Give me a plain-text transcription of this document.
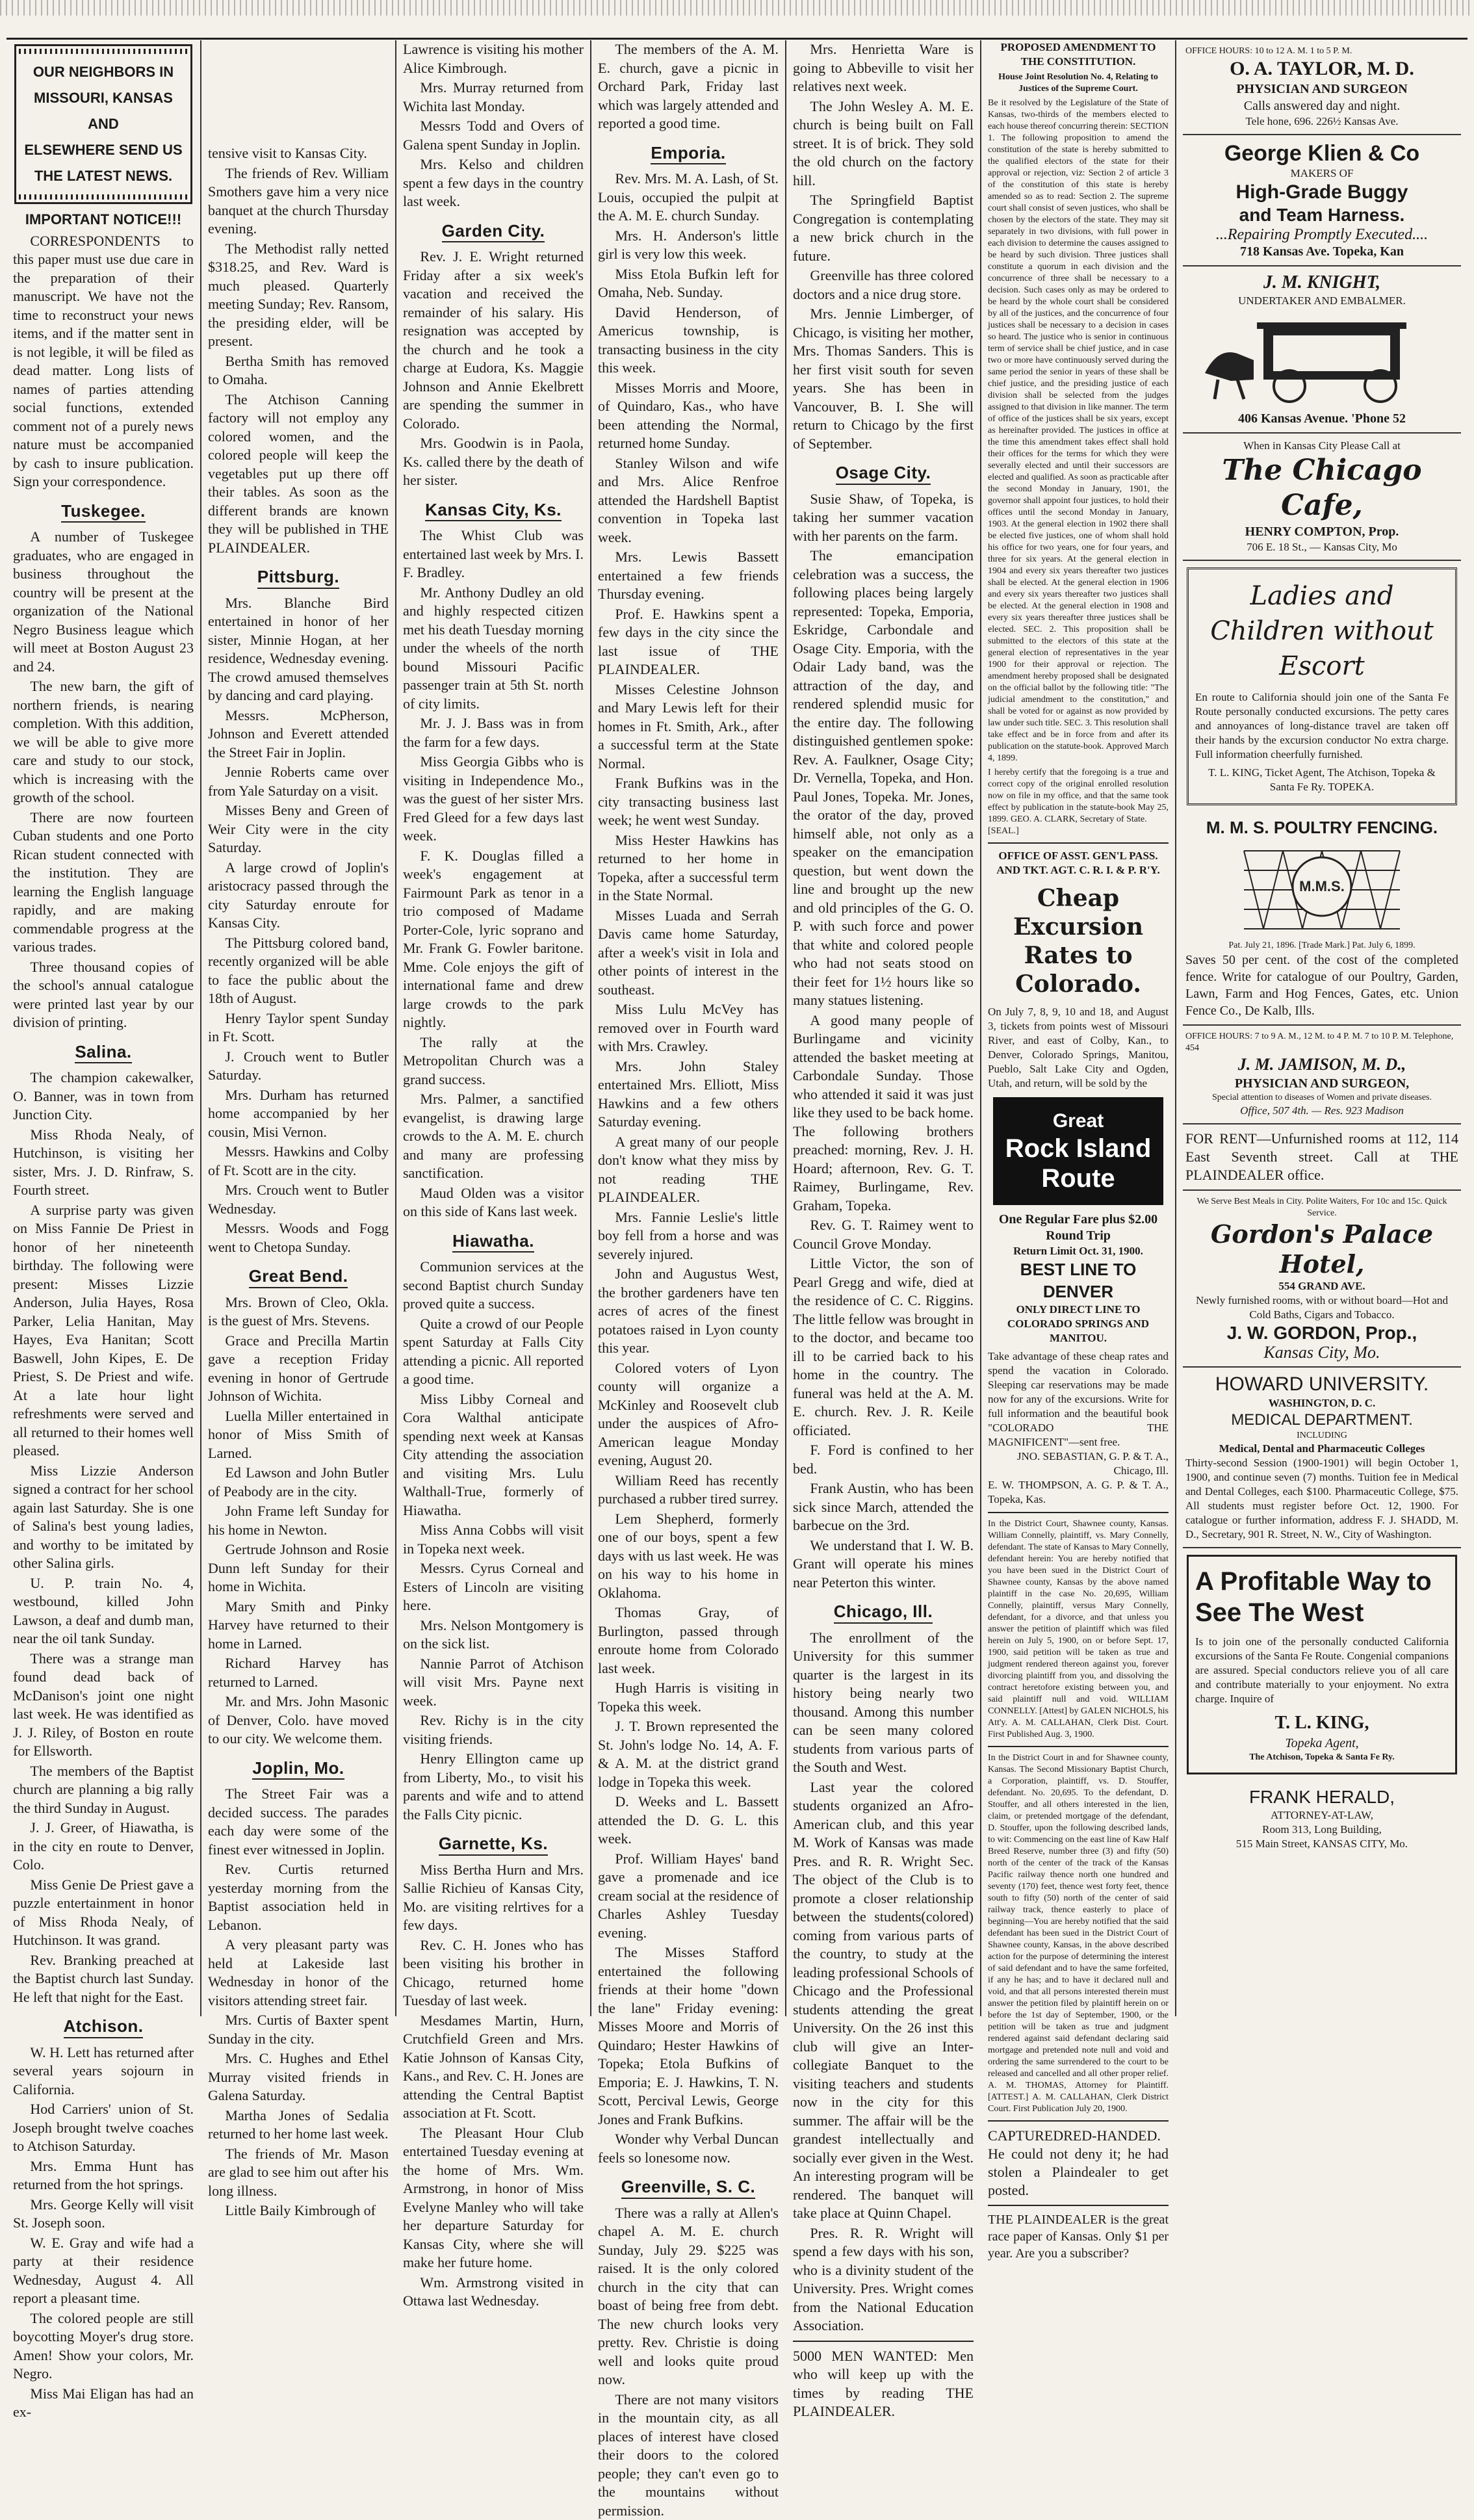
OUR NEIGHBORS IN MISSOURI, KANSAS AND
ELSEWHERE SEND US THE LATEST NEWS.
IMPORTANT NOTICE!!!

CORRESPONDENTS to this paper must use due care in the preparation of their manuscript. We have not the time to reconstruct your news items, and if the matter sent in is not legible, it will be filed as dead matter. Long lists of names of parties attending social functions, extended comment not of a purely news nature must be accompanied by cash to insure publication. Sign your correspondence.

Tuskegee.

A number of Tuskegee graduates, who are engaged in business throughout the country will be present at the organization of the National Negro Business league which will meet at Boston August 23 and 24.

The new barn, the gift of northern friends, is nearing completion. With this addition, we will be able to give more care and study to our stock, which is increasing with the growth of the school.

There are now fourteen Cuban students and one Porto Rican student connected with the institution. They are learning the English language rapidly, and are making commendable progress at the various trades.

Three thousand copies of the school's annual catalogue were printed last year by our division of printing.

Salina.

The champion cakewalker, O. Banner, was in town from Junction City.

Miss Rhoda Nealy, of Hutchinson, is visiting her sister, Mrs. J. D. Rinfraw, S. Fourth street.

A surprise party was given on Miss Fannie De Priest in honor of her nineteenth birthday. The following were present: Misses Lizzie Anderson, Julia Hayes, Rosa Parker, Lelia Hanitan, May Hayes, Eva Hanitan; Scott Baswell, John Kipes, E. De Priest, S. De Priest and wife. At a late hour light refreshments were served and all returned to their homes well pleased.

Miss Lizzie Anderson signed a contract for her school again last Saturday. She is one of Salina's best young ladies, and worthy to be imitated by other Salina girls.

U. P. train No. 4, westbound, killed John Lawson, a deaf and dumb man, near the oil tank Sunday.

There was a strange man found dead back of McDanison's joint one night last week. He was identified as J. J. Riley, of Boston en route for Ellsworth.

The members of the Baptist church are planning a big rally the third Sunday in August.

J. J. Greer, of Hiawatha, is in the city en route to Denver, Colo.

Miss Genie De Priest gave a puzzle entertainment in honor of Miss Rhoda Nealy, of Hutchinson. It was grand.

Rev. Branking preached at the Baptist church last Sunday. He left that night for the East.

Atchison.

W. H. Lett has returned after several years sojourn in California.

Hod Carriers' union of St. Joseph brought twelve coaches to Atchison Saturday.

Mrs. Emma Hunt has returned from the hot springs.

Mrs. George Kelly will visit St. Joseph soon.

W. E. Gray and wife had a party at their residence Wednesday, August 4. All report a pleasant time.

The colored people are still boycotting Moyer's drug store. Amen! Show your colors, Mr. Negro.

Miss Mai Eligan has had an ex-

tensive visit to Kansas City.

The friends of Rev. William Smothers gave him a very nice banquet at the church Thursday evening.

The Methodist rally netted $318.25, and Rev. Ward is much pleased. Quarterly meeting Sunday; Rev. Ransom, the presiding elder, will be present.

Bertha Smith has removed to Omaha.

The Atchison Canning factory will not employ any colored women, and the colored people will keep the vegetables put up there off their tables. As soon as the different brands are known they will be published in THE PLAINDEALER.

Pittsburg.

Mrs. Blanche Bird entertained in honor of her sister, Minnie Hogan, at her residence, Wednesday evening. The crowd amused themselves by dancing and card playing.

Messrs. McPherson, Johnson and Everett attended the Street Fair in Joplin.

Jennie Roberts came over from Yale Saturday on a visit.

Misses Beny and Green of Weir City were in the city Saturday.

A large crowd of Joplin's aristocracy passed through the city Saturday enroute for Kansas City.

The Pittsburg colored band, recently organized will be able to face the public about the 18th of August.

Henry Taylor spent Sunday in Ft. Scott.

J. Crouch went to Butler Saturday.

Mrs. Durham has returned home accompanied by her cousin, Misi Vernon.

Messrs. Hawkins and Colby of Ft. Scott are in the city.

Mrs. Crouch went to Butler Wednesday.

Messrs. Woods and Fogg went to Chetopa Sunday.

Great Bend.

Mrs. Brown of Cleo, Okla. is the guest of Mrs. Stevens.

Grace and Precilla Martin gave a reception Friday evening in honor of Gertrude Johnson of Wichita.

Luella Miller entertained in honor of Miss Smith of Larned.

Ed Lawson and John Butler of Peabody are in the city.

John Frame left Sunday for his home in Newton.

Gertrude Johnson and Rosie Dunn left Sunday for their home in Wichita.

Mary Smith and Pinky Harvey have returned to their home in Larned.

Richard Harvey has returned to Larned.

Mr. and Mrs. John Masonic of Denver, Colo. have moved to our city. We welcome them.

Joplin, Mo.

The Street Fair was a decided success. The parades each day were some of the finest ever witnessed in Joplin.

Rev. Curtis returned yesterday morning from the Baptist association held in Lebanon.

A very pleasant party was held at Lakeside last Wednesday in honor of the visitors attending street fair.

Mrs. Curtis of Baxter spent Sunday in the city.

Mrs. C. Hughes and Ethel Murray visited friends in Galena Saturday.

Martha Jones of Sedalia returned to her home last week.

The friends of Mr. Mason are glad to see him out after his long illness.

Little Baily Kimbrough of

Lawrence is visiting his mother Alice Kimbrough.

Mrs. Murray returned from Wichita last Monday.

Messrs Todd and Overs of Galena spent Sunday in Joplin.

Mrs. Kelso and children spent a few days in the country last week.

Garden City.

Rev. J. E. Wright returned Friday after a six week's vacation and received the remainder of his salary. His resignation was accepted by the church and he took a charge at Eudora, Ks. Maggie Johnson and Annie Ekelbrett are spending the summer in Colorado.

Mrs. Goodwin is in Paola, Ks. called there by the death of her sister.

Kansas City, Ks.

The Whist Club was entertained last week by Mrs. I. F. Bradley.

Mr. Anthony Dudley an old and highly respected citizen met his death Tuesday morning under the wheels of the north bound Missouri Pacific passenger train at 5th St. north of city limits.

Mr. J. J. Bass was in from the farm for a few days.

Miss Georgia Gibbs who is visiting in Independence Mo., was the guest of her sister Mrs. Fred Gleed for a few days last week.

F. K. Douglas filled a week's engagement at Fairmount Park as tenor in a trio composed of Madame Porter-Cole, lyric soprano and Mr. Frank G. Fowler baritone. Mme. Cole enjoys the gift of international fame and drew large crowds to the park nightly.

The rally at the Metropolitan Church was a grand success.

Mrs. Palmer, a sanctified evangelist, is drawing large crowds to the A. M. E. church and many are professing sanctification.

Maud Olden was a visitor on this side of Kans last week.

Hiawatha.

Communion services at the second Baptist church Sunday proved quite a success.

Quite a crowd of our People spent Saturday at Falls City attending a picnic. All reported a good time.

Miss Libby Corneal and Cora Walthal anticipate spending next week at Kansas City attending the association and visiting Mrs. Lulu Walthall-True, formerly of Hiawatha.

Miss Anna Cobbs will visit in Topeka next week.

Messrs. Cyrus Corneal and Esters of Lincoln are visiting here.

Mrs. Nelson Montgomery is on the sick list.

Nannie Parrot of Atchison will visit Mrs. Payne next week.

Rev. Richy is in the city visiting friends.

Henry Ellington came up from Liberty, Mo., to visit his parents and wife and to attend the Falls City picnic.

Garnette, Ks.

Miss Bertha Hurn and Mrs. Sallie Richieu of Kansas City, Mo. are visiting relrtives for a few days.

Rev. C. H. Jones who has been visiting his brother in Chicago, returned home Tuesday of last week.

Mesdames Martin, Hurn, Crutchfield Green and Mrs. Katie Johnson of Kansas City, Kans., and Rev. C. H. Jones are attending the Central Baptist association at Ft. Scott.

The Pleasant Hour Club entertained Tuesday evening at the home of Mrs. Wm. Armstrong, in honor of Miss Evelyne Manley who will take her departure Saturday for Kansas City, where she will make her future home.

Wm. Armstrong visited in Ottawa last Wednesday.

The members of the A. M. E. church, gave a picnic in Orchard Park, Friday last which was largely attended and reported a good time.

Emporia.

Rev. Mrs. M. A. Lash, of St. Louis, occupied the pulpit at the A. M. E. church Sunday.

Mrs. H. Anderson's little girl is very low this week.

Miss Etola Bufkin left for Omaha, Neb. Sunday.

David Henderson, of Americus township, is transacting business in the city this week.

Misses Morris and Moore, of Quindaro, Kas., who have been attending the Normal, returned home Sunday.

Stanley Wilson and wife and Mrs. Alice Renfroe attended the Hardshell Baptist convention in Topeka last week.

Mrs. Lewis Bassett entertained a few friends Thursday evening.

Prof. E. Hawkins spent a few days in the city since the last issue of THE PLAINDEALER.

Misses Celestine Johnson and Mary Lewis left for their homes in Ft. Smith, Ark., after a successful term at the State Normal.

Frank Bufkins was in the city transacting business last week; he went west Sunday.

Miss Hester Hawkins has returned to her home in Topeka, after a successful term in the State Normal.

Misses Luada and Serrah Davis came home Saturday, after a week's visit in Iola and other points of interest in the southeast.

Miss Lulu McVey has removed over in Fourth ward with Mrs. Crawley.

Mrs. John Staley entertained Mrs. Elliott, Miss Hawkins and a few others Saturday evening.

A great many of our people don't know what they miss by not reading THE PLAINDEALER.

Mrs. Fannie Leslie's little boy fell from a horse and was severely injured.

John and Augustus West, the brother gardeners have ten acres of acres of the finest potatoes raised in Lyon county this year.

Colored voters of Lyon county will organize a McKinley and Roosevelt club under the auspices of Afro-American league Monday evening, August 20.

William Reed has recently purchased a rubber tired surrey.

Lem Shepherd, formerly one of our boys, spent a few days with us last week. He was on his way to his home in Oklahoma.

Thomas Gray, of Burlington, passed through enroute home from Colorado last week.

Hugh Harris is visiting in Topeka this week.

J. T. Brown represented the St. John's lodge No. 14, A. F. & A. M. at the district grand lodge in Topeka this week.

D. Weeks and L. Bassett attended the D. G. L. this week.

Prof. William Hayes' band gave a promenade and ice cream social at the residence of Charles Ashley Tuesday evening.

The Misses Stafford entertained the following friends at their home "down the lane" Friday evening: Misses Moore and Morris of Quindaro; Hester Hawkins of Topeka; Etola Bufkins of Emporia; E. J. Hawkins, T. N. Scott, Percival Lewis, George Jones and Frank Bufkins.

Wonder why Verbal Duncan feels so lonesome now.

Greenville, S. C.

There was a rally at Allen's chapel A. M. E. church Sunday, July 29. $225 was raised. It is the only colored church in the city that can boast of being free from debt. The new church looks very pretty. Rev. Christie is doing well and looks quite proud now.

There are not many visitors in the mountain city, as all places of interest have closed their doors to the colored people; they can't even go to the mountains without permission.

Mrs. Henrietta Ware is going to Abbeville to visit her relatives next week.

The John Wesley A. M. E. church is being built on Fall street. It is of brick. They sold the old church on the factory hill.

The Springfield Baptist Congregation is contemplating a new brick church in the future.

Greenville has three colored doctors and a nice drug store.

Mrs. Jennie Limberger, of Chicago, is visiting her mother, Mrs. Thomas Sanders. This is her first visit south for seven years. She has been in Vancouver, B. I. She will return to Chicago by the first of September.

Osage City.

Susie Shaw, of Topeka, is taking her summer vacation with her parents on the farm.

The emancipation celebration was a success, the following places being largely represented: Topeka, Emporia, Eskridge, Carbondale and Osage City. Emporia, with the Odair Lady band, was the attraction of the day, and rendered splendid music for the entire day. The following distinguished gentlemen spoke: Rev. A. Faulkner, Osage City; Dr. Vernella, Topeka, and Hon. Paul Jones, Topeka. Mr. Jones, the orator of the day, proved himself able, not only as a speaker on the emancipation question, but went down the line and brought up the new and old principles of the G. O. P. with such force and power that white and colored people who had not seats stood on their feet for 1½ hours like so many statues listening.

A good many people of Burlingame and vicinity attended the basket meeting at Carbondale Sunday. Those who attended it said it was just like they used to be back home. The following brothers preached: morning, Rev. J. H. Hoard; afternoon, Rev. G. T. Raimey, Burlingame, Rev. Graham, Topeka.

Rev. G. T. Raimey went to Council Grove Monday.

Little Victor, the son of Pearl Gregg and wife, died at the residence of C. C. Riggins. The little fellow was brought in to the doctor, and became too ill to be carried back to his home in the country. The funeral was held at the A. M. E. church. Rev. J. R. Keile officiated.

F. Ford is confined to her bed.

Frank Austin, who has been sick since March, attended the barbecue on the 3rd.

We understand that I. W. B. Grant will operate his mines near Peterton this winter.

Chicago, Ill.

The enrollment of the University for this summer quarter is the largest in its history being nearly two thousand. Among this number can be seen many colored students from various parts of the South and West.

Last year the colored students organized an Afro-American club, and this year M. Work of Kansas was made Pres. and R. R. Wright Sec. The object of the Club is to promote a closer relationship between the students(colored) coming from various parts of the country, to study at the leading professional Schools of Chicago and the Professional students attending the great University. On the 26 inst this club will give an Inter-collegiate Banquet to the visiting teachers and students now in the city for this summer. The affair will be the grandest intellectually and socially ever given in the West. An interesting program will be rendered. The banquet will take place at Quinn Chapel.

Pres. R. R. Wright will spend a few days with his son, who is a divinity student of the University. Pres. Wright comes from the National Education Association.

5000 MEN WANTED: Men who will keep up with the times by reading THE PLAINDEALER.

PROPOSED AMENDMENT TO THE CONSTITUTION.
House Joint Resolution No. 4, Relating to Justices of the Supreme Court.
Be it resolved by the Legislature of the State of Kansas, two-thirds of the members elected to each house thereof concurring therein: SECTION 1. The following proposition to amend the constitution of the state is hereby submitted to the qualified electors of the state for their approval or rejection, viz: Section 2 of article 3 of the constitution of this state is hereby amended so as to read: Section 2. The supreme court shall consist of seven justices, who shall be chosen by the electors of the state. They may sit separately in two divisions, with full power in each division to determine the causes assigned to be heard by such division. Three justices shall constitute a quorum in each division and the concurrence of three shall be necessary to a decision. Such cases only as may be ordered to be heard by the whole court shall be considered by all of the justices, and the concurrence of four justices shall be necessary to a decision in cases so heard. The justice who is senior in continuous term of service shall be chief justice, and in case two or more have continuously served during the same period the senior in years of these shall be chief justice, and the presiding justice of each division shall be selected from the judges assigned to that division in like manner. The term of office of the justices shall be six years, except as hereinafter provided. The justices in office at the time this amendment takes effect shall hold their offices for the terms for which they were severally elected and until their successors are elected and qualified. As soon as practicable after the second Monday in January, 1901, the governor shall appoint four justices, to hold their offices until the second Monday in January, 1903. At the general election in 1902 there shall be elected five justices, one of whom shall hold his office for two years, one for four years, and three for six years. At the general election in 1904 and every six years thereafter two justices shall be elected. At the general election in 1906 and every six years thereafter two justices shall be elected. At the general election in 1908 and every six years thereafter three justices shall be elected. SEC. 2. This proposition shall be submitted to the electors of this state at the general election of representatives in the year 1900 for their approval or rejection. The amendment hereby proposed shall be designated on the official ballot by the following title: "The judicial amendment to the constitution," and shall be voted for or against as now provided by law under such title. SEC. 3. This resolution shall take effect and be in force from and after its publication on the statute-book. Approved March 4, 1899.
I hereby certify that the foregoing is a true and correct copy of the original enrolled resolution now on file in my office, and that the same took effect by publication in the statute-book May 25, 1899. GEO. A. CLARK, Secretary of State.
[SEAL.]
OFFICE OF ASST. GEN'L PASS. AND TKT. AGT. C. R. I. & P. R'Y.
Cheap Excursion Rates to Colorado.
On July 7, 8, 9, 10 and 18, and August 3, tickets from points west of Missouri River, and east of Colby, Kan., to Denver, Colorado Springs, Manitou, Pueblo, Salt Lake City and Ogden, Utah, and return, will be sold by the
Great
Rock Island
Route
One Regular Fare plus $2.00 Round Trip
Return Limit Oct. 31, 1900.
BEST LINE TO DENVER
ONLY DIRECT LINE TO COLORADO SPRINGS AND MANITOU.
Take advantage of these cheap rates and spend the vacation in Colorado. Sleeping car reservations may be made now for any of the excursions. Write for full information and the beautiful book "COLORADO THE MAGNIFICENT"—sent free.
JNO. SEBASTIAN, G. P. & T. A., Chicago, Ill.
E. W. THOMPSON, A. G. P. & T. A., Topeka, Kas.
In the District Court, Shawnee county, Kansas. William Connelly, plaintiff, vs. Mary Connelly, defendant. The state of Kansas to Mary Connelly, defendant herein: You are hereby notified that you have been sued in the District Court of Shawnee county, Kansas by the above named plaintiff in the case No. 20,695, William Connelly, plaintiff, versus Mary Connelly, defendant, for a divorce, and that unless you answer the petition of plaintiff which was filed herein on July 5, 1900, on or before Sept. 17, 1900, said petition will be taken as true and judgment rendered thereon against you, forever divorcing plaintiff from you, and dissolving the contract heretofore existing between you, and said plaintiff null and void. WILLIAM CONNELLY. [Attest] by GALEN NICHOLS, his Att'y. A. M. CALLAHAN, Clerk Dist. Court. First Published Aug. 3, 1900.
In the District Court in and for Shawnee county, Kansas. The Second Missionary Baptist Church, a Corporation, plaintiff, vs. D. Stouffer, defendant. No. 20,695. To the defendant, D. Stouffer, and all others interested in the lien, claim, or pretended mortgage of the defendant, D. Stouffer, upon the following described lands, to wit: Commencing on the east line of Kaw Half Breed Reserve, number three (3) and fifty (50) north of the center of the track of the Kansas Pacific railway thence north one hundred and seventy (170) feet, thence west forty feet, thence south to fifty (50) north of the center of said railway track, thence easterly to place of beginning—You are hereby notified that the said defendant has been sued in the District Court of Shawnee county, Kansas, in the above described action for the purpose of determining the interest of said defendant and to have the same forfeited, if any he has; and to have it declared null and void, and that all persons interested therein must answer the petition filed by plaintiff herein on or before the 1st day of September, 1900, or the petition will be taken as true and judgment rendered against said defendant declaring said mortgage and pretended note null and void and ordering the same surrendered to the court to be released and cancelled and all other proper relief. A. M. THOMAS, Attorney for Plaintiff. [ATTEST.] A. M. CALLAHAN, Clerk District Court. First Publication July 20, 1900.
CAPTUREDRED-HANDED. He could not deny it; he had stolen a Plaindealer to get posted.
THE PLAINDEALER is the great race paper of Kansas. Only $1 per year. Are you a subscriber?
OFFICE HOURS: 10 to 12 A. M. 1 to 5 P. M.
O. A. TAYLOR, M. D.
PHYSICIAN AND SURGEON
Calls answered day and night.
Tele hone, 696. 226½ Kansas Ave.
George Klien & Co
MAKERS OF
High-Grade Buggy
and Team Harness.
...Repairing Promptly Executed....
718 Kansas Ave. Topeka, Kan
J. M. KNIGHT,
UNDERTAKER AND EMBALMER.
406 Kansas Avenue. 'Phone 52
When in Kansas City Please Call at
The Chicago Cafe,
HENRY COMPTON, Prop.
706 E. 18 St., — Kansas City, Mo
Ladies and Children without Escort
En route to California should join one of the Santa Fe Route personally conducted excursions. The petty cares and annoyances of long-distance travel are taken off their hands by the excursion conductor No extra charge. Full information cheerfully furnished.
T. L. KING, Ticket Agent, The Atchison, Topeka & Santa Fe Ry. TOPEKA.
M. M. S. POULTRY FENCING.
M.M.S.
Pat. July 21, 1896. [Trade Mark.] Pat. July 6, 1899.
Saves 50 per cent. of the cost of the completed fence. Write for catalogue of our Poultry, Garden, Lawn, Farm and Hog Fences, Gates, etc. Union Fence Co., De Kalb, Ills.
OFFICE HOURS: 7 to 9 A. M., 12 M. to 4 P. M. 7 to 10 P. M. Telephone, 454
J. M. JAMISON, M. D.,
PHYSICIAN AND SURGEON,
Special attention to diseases of Women and private diseases.
Office, 507 4th. — Res. 923 Madison
FOR RENT—Unfurnished rooms at 112, 114 East Seventh street. Call at THE PLAINDEALER office.
We Serve Best Meals in City. Polite Waiters, For 10c and 15c. Quick Service.
Gordon's Palace Hotel,
554 GRAND AVE.
Newly furnished rooms, with or without board—Hot and Cold Baths, Cigars and Tobacco.
J. W. GORDON, Prop.,
Kansas City, Mo.
HOWARD UNIVERSITY.
WASHINGTON, D. C.
MEDICAL DEPARTMENT.
INCLUDING
Medical, Dental and Pharmaceutic Colleges
Thirty-second Session (1900-1901) will begin October 1, 1900, and continue seven (7) months. Tuition fee in Medical and Dental Colleges, each $100. Pharmaceutic College, $75. All students must register before Oct. 12, 1900. For catalogue or further information, address F. J. SHADD, M. D., Secretary, 901 R. Street, N. W., City of Washington.
A Profitable Way to See The West
Is to join one of the personally conducted California excursions of the Santa Fe Route. Congenial companions are assured. Special conductors relieve you of all care and contribute materially to your enjoyment. No extra charge. Inquire of
T. L. KING,
Topeka Agent,
The Atchison, Topeka & Santa Fe Ry.
FRANK HERALD,
ATTORNEY-AT-LAW,
Room 313, Long Building,
515 Main Street, KANSAS CITY, Mo.
